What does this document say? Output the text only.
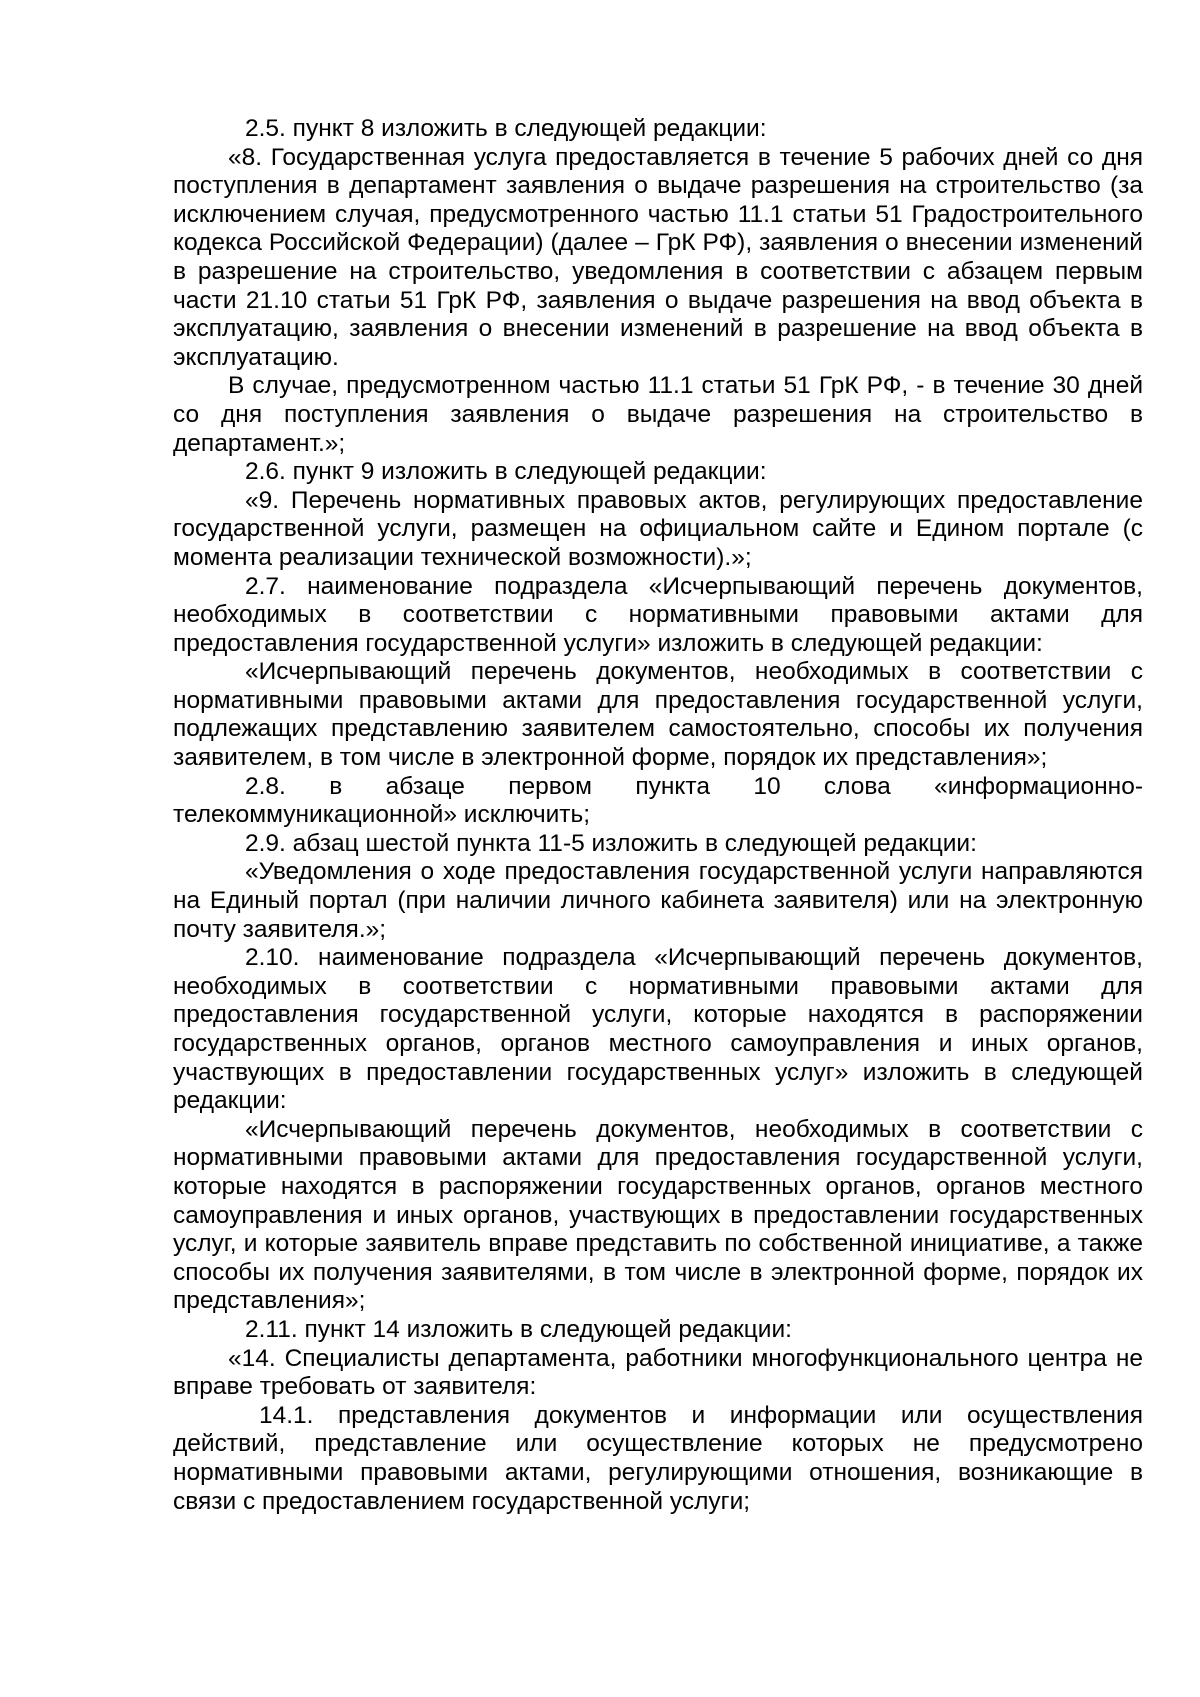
2.5. пункт 8 изложить в следующей редакции:

«8. Государственная услуга предоставляется в течение 5 рабочих дней со дня поступления в департамент заявления о выдаче разрешения на строительство (за исключением случая, предусмотренного частью 11.1 статьи 51 Градостроительного кодекса Российской Федерации) (далее – ГрК РФ), заявления о внесении изменений в разрешение на строительство, уведомления в соответствии с абзацем первым части 21.10 статьи 51 ГрК РФ, заявления о выдаче разрешения на ввод объекта в эксплуатацию, заявления о внесении изменений в разрешение на ввод объекта в эксплуатацию.

В случае, предусмотренном частью 11.1 статьи 51 ГрК РФ, - в течение 30 дней со дня поступления заявления о выдаче разрешения на строительство в департамент.»;

2.6. пункт 9 изложить в следующей редакции:

«9. Перечень нормативных правовых актов, регулирующих предоставление государственной услуги, размещен на официальном сайте и Едином портале (с момента реализации технической возможности).»;

2.7. наименование подраздела «Исчерпывающий перечень документов, необходимых в соответствии с нормативными правовыми актами для предоставления государственной услуги» изложить в следующей редакции:

«Исчерпывающий перечень документов, необходимых в соответствии с нормативными правовыми актами для предоставления государственной услуги, подлежащих представлению заявителем самостоятельно, способы их получения заявителем, в том числе в электронной форме, порядок их представления»;

2.8. в абзаце первом пункта 10 слова «информационно-телекоммуникационной» исключить;

2.9. абзац шестой пункта 11-5 изложить в следующей редакции:

«Уведомления о ходе предоставления государственной услуги направляются на Единый портал (при наличии личного кабинета заявителя) или на электронную почту заявителя.»;

2.10. наименование подраздела «Исчерпывающий перечень документов, необходимых в соответствии с нормативными правовыми актами для предоставления государственной услуги, которые находятся в распоряжении государственных органов, органов местного самоуправления и иных органов, участвующих в предоставлении государственных услуг» изложить в следующей редакции:

«Исчерпывающий перечень документов, необходимых в соответствии с нормативными правовыми актами для предоставления государственной услуги, которые находятся в распоряжении государственных органов, органов местного самоуправления и иных органов, участвующих в предоставлении государственных услуг, и которые заявитель вправе представить по собственной инициативе, а также способы их получения заявителями, в том числе в электронной форме, порядок их представления»;

2.11. пункт 14 изложить в следующей редакции:

«14. Специалисты департамента, работники многофункционального центра не вправе требовать от заявителя:

14.1. представления документов и информации или осуществления действий, представление или осуществление которых не предусмотрено нормативными правовыми актами, регулирующими отношения, возникающие в связи с предоставлением государственной услуги;
